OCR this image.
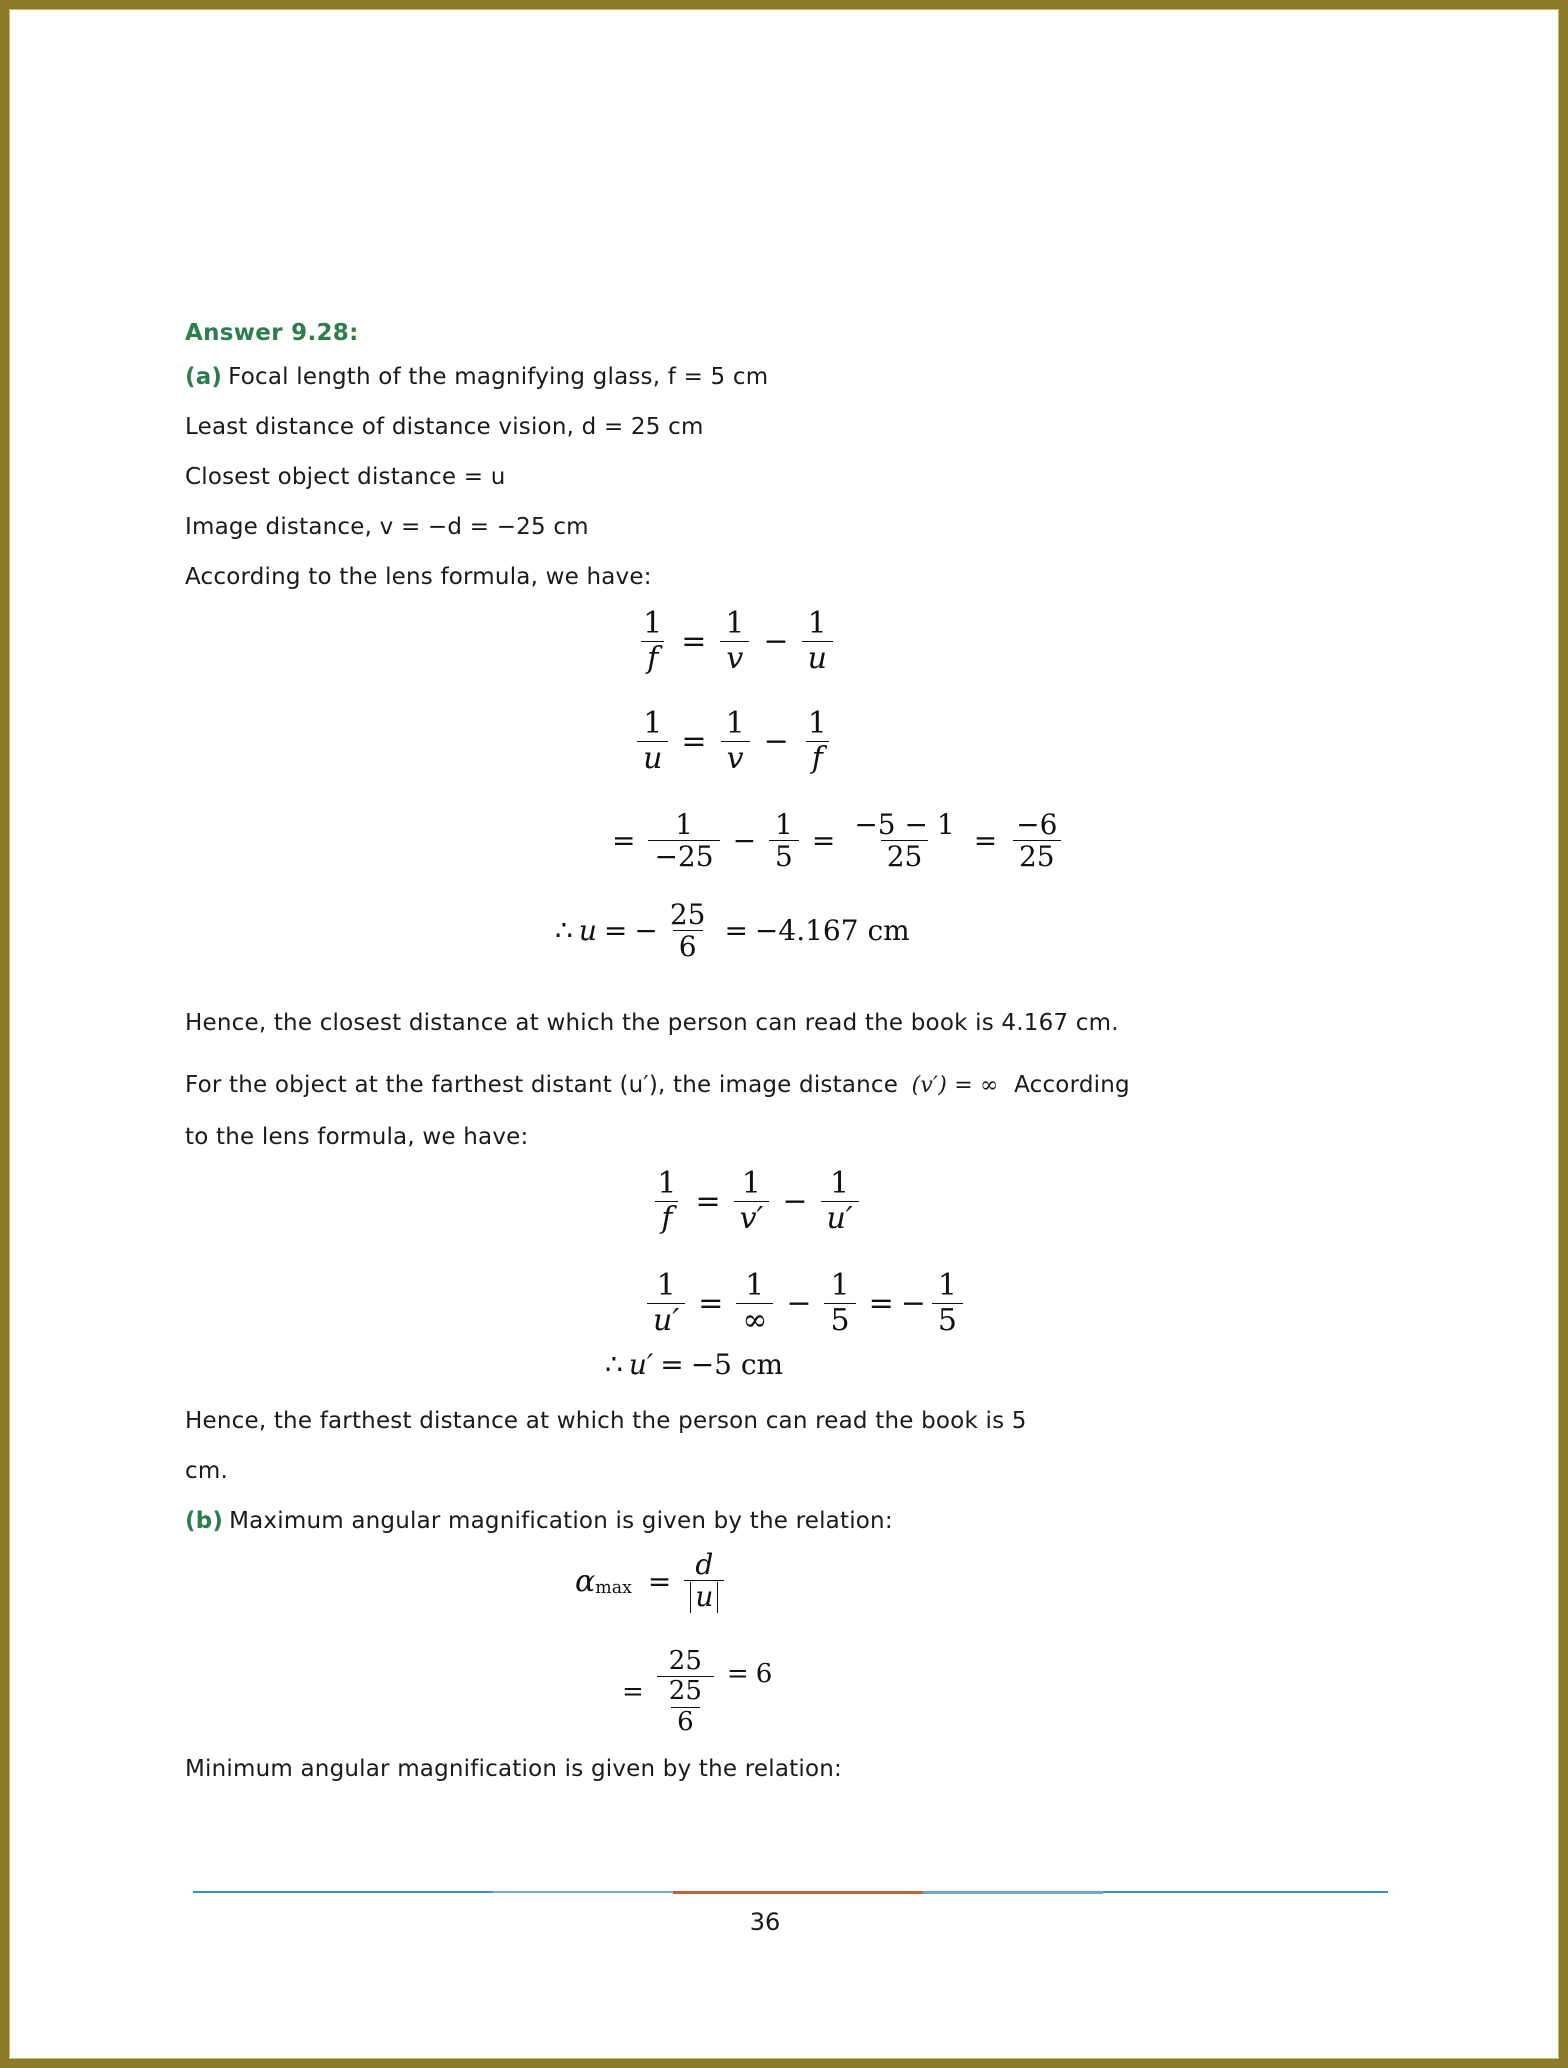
Answer 9.28:
(a) Focal length of the magnifying glass, f = 5 cm
Least distance of distance vision, d = 25 cm
Closest object distance = u
Image distance, v = −d = −25 cm
According to the lens formula, we have:
$\frac{1}{f} = \frac{1}{v} - \frac{1}{u}$
$\frac{1}{u} = \frac{1}{v} - \frac{1}{f}$
= $\frac{1}{-25} - \frac{1}{5} = \frac{-5 - 1}{25} = \frac{-6}{25}$
∴ u = − $\frac{25}{6} = -4.167$ cm
Hence, the closest distance at which the person can read the book is 4.167 cm.
For the object at the farthest distant (u′), the image distance (v′) = ∞ According
to the lens formula, we have:
$\frac{1}{f} = \frac{1}{v'} - \frac{1}{u'}$
$\frac{1}{u'} = \frac{1}{\infty} - \frac{1}{5}$ = − $\frac{1}{5}$
∴ u′ = −5 cm
Hence, the farthest distance at which the person can read the book is 5
cm.
(b) Maximum angular magnification is given by the relation:
α $\max = \frac{d}{u}$
= $\frac{25}{\frac{25}{6}} = 6$
Minimum angular magnification is given by the relation:
36
